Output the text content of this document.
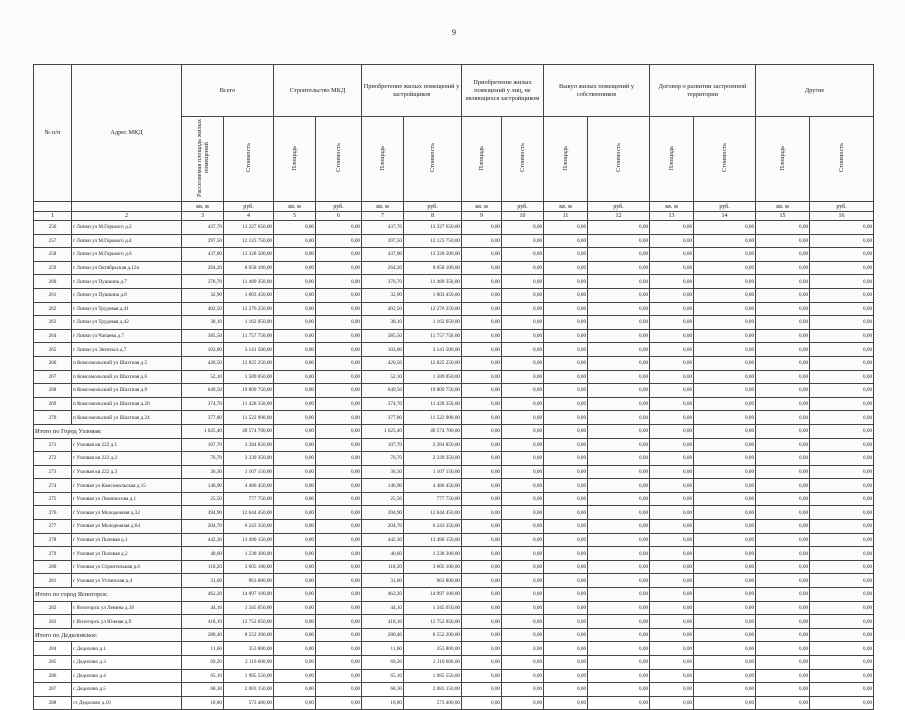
9
№ п/п	Адрес МКД	Всего		Строительство МКД		Приобретение жилых помещений у застройщиков		Приобретение жилых помещений у лиц, не являющихся застройщиком		Выкуп жилых помещений у собственников		Договор о развитии застроенной территории		Другие	
		Расселяемая площадь жилых помещений	Стоимость	Площадь	Стоимость	Площадь	Стоимость	Площадь	Стоимость	Площадь	Стоимость	Площадь	Стоимость	Площадь	Стоимость
		кв. м	руб.	кв. м	руб.	кв. м	руб.	кв. м	руб.	кв. м	руб.	кв. м	руб.	кв. м	руб.
1	2	3	4	5	6	7	8	9	10	11	12	13	14	15	16
256	г Липки ул М.Горького д.2	437,70	13 327 650,00	0,00	0,00	437,70	13 327 650,00	0,00	0,00	0,00	0,00	0,00	0,00	0,00	0,00
257	г Липки ул М.Горького д.4	397,50	12 123 750,00	0,00	0,00	397,50	12 123 750,00	0,00	0,00	0,00	0,00	0,00	0,00	0,00	0,00
258	г Липки ул М.Горького д.6	437,00	13 328 500,00	0,00	0,00	437,00	13 328 500,00	0,00	0,00	0,00	0,00	0,00	0,00	0,00	0,00
259	г Липки ул Октябрьская д.12а	264,20	8 058 100,00	0,00	0,00	264,20	8 058 100,00	0,00	0,00	0,00	0,00	0,00	0,00	0,00	0,00
260	г Липки ул Пушкина д.7	376,70	11 489 350,00	0,00	0,00	376,70	11 489 350,00	0,00	0,00	0,00	0,00	0,00	0,00	0,00	0,00
261	г Липки ул Пушкина д.8	32,90	1 003 450,00	0,00	0,00	32,90	1 003 450,00	0,00	0,00	0,00	0,00	0,00	0,00	0,00	0,00
262	г Липки ул Трудовая д.41	402,50	12 276 250,00	0,00	0,00	402,50	12 276 250,00	0,00	0,00	0,00	0,00	0,00	0,00	0,00	0,00
263	г Липки ул Трудовая д.42	38,10	1 162 050,00	0,00	0,00	38,10	1 162 050,00	0,00	0,00	0,00	0,00	0,00	0,00	0,00	0,00
264	г Липки ул Чапаева д.7	385,50	11 757 750,00	0,00	0,00	385,50	11 757 750,00	0,00	0,00	0,00	0,00	0,00	0,00	0,00	0,00
265	г Липки ул Энгельса д.7	103,00	3 141 500,00	0,00	0,00	103,00	3 141 500,00	0,00	0,00	0,00	0,00	0,00	0,00	0,00	0,00
266	п Комсомольский ул Шахтная д.5	420,50	12 825 250,00	0,00	0,00	420,50	12 825 250,00	0,00	0,00	0,00	0,00	0,00	0,00	0,00	0,00
267	п Комсомольский ул Шахтная д.6	52,10	1 589 050,00	0,00	0,00	52,10	1 589 050,00	0,00	0,00	0,00	0,00	0,00	0,00	0,00	0,00
268	п Комсомольский ул Шахтная д.9	649,50	19 809 750,00	0,00	0,00	649,50	19 809 750,00	0,00	0,00	0,00	0,00	0,00	0,00	0,00	0,00
269	п Комсомольский ул Шахтная д.20	374,70	11 428 350,00	0,00	0,00	374,70	11 428 350,00	0,00	0,00	0,00	0,00	0,00	0,00	0,00	0,00
270	п Комсомольский ул Шахтная д.24	377,80	11 522 900,00	0,00	0,00	377,80	11 522 900,00	0,00	0,00	0,00	0,00	0,00	0,00	0,00	0,00
Итого по Город Узловая:		1 625,40	49 574 700,00	0,00	0,00	1 625,40	49 574 700,00	0,00	0,00	0,00	0,00	0,00	0,00	0,00	0,00
271	г Узловая кв 222 д.1	107,70	3 284 850,00	0,00	0,00	107,70	3 284 850,00	0,00	0,00	0,00	0,00	0,00	0,00	0,00	0,00
272	г Узловая кв 222 д.2	76,70	2 339 350,00	0,00	0,00	76,70	2 339 350,00	0,00	0,00	0,00	0,00	0,00	0,00	0,00	0,00
273	г Узловая кв 222 д.3	36,30	1 107 150,00	0,00	0,00	36,30	1 107 150,00	0,00	0,00	0,00	0,00	0,00	0,00	0,00	0,00
274	г Узловая ул Комсомольская д.15	146,90	4 480 450,00	0,00	0,00	146,90	4 480 450,00	0,00	0,00	0,00	0,00	0,00	0,00	0,00	0,00
275	г Узловая ул Ломоносова д.1	25,50	777 750,00	0,00	0,00	25,50	777 750,00	0,00	0,00	0,00	0,00	0,00	0,00	0,00	0,00
276	г Узловая ул Молодежная д.32	394,90	12 044 450,00	0,00	0,00	394,90	12 044 450,00	0,00	0,00	0,00	0,00	0,00	0,00	0,00	0,00
277	г Узловая ул Молодежная д.64	204,70	6 243 350,00	0,00	0,00	204,70	6 243 350,00	0,00	0,00	0,00	0,00	0,00	0,00	0,00	0,00
278	г Узловая ул Полевая д.1	442,30	13 490 150,00	0,00	0,00	442,30	13 490 150,00	0,00	0,00	0,00	0,00	0,00	0,00	0,00	0,00
279	г Узловая ул Полевая д.2	40,60	1 238 300,00	0,00	0,00	40,60	1 238 300,00	0,00	0,00	0,00	0,00	0,00	0,00	0,00	0,00
280	г Узловая ул Строительная д.6	118,20	3 605 100,00	0,00	0,00	118,20	3 605 100,00	0,00	0,00	0,00	0,00	0,00	0,00	0,00	0,00
281	г Узловая ул Ухтинская д.4	31,60	963 800,00	0,00	0,00	31,60	963 800,00	0,00	0,00	0,00	0,00	0,00	0,00	0,00	0,00
Итого по город Ясногорск:		462,20	14 097 100,00	0,00	0,00	462,20	14 097 100,00	0,00	0,00	0,00	0,00	0,00	0,00	0,00	0,00
282	г Ясногорск ул Ленина д.18	44,10	1 345 050,00	0,00	0,00	44,10	1 345 050,00	0,00	0,00	0,00	0,00	0,00	0,00	0,00	0,00
283	г Ясногорск ул Южная д.9	418,10	12 752 050,00	0,00	0,00	418,10	12 752 050,00	0,00	0,00	0,00	0,00	0,00	0,00	0,00	0,00
Итого по Дедиловское:		280,40	8 552 200,00	0,00	0,00	280,40	8 552 200,00	0,00	0,00	0,00	0,00	0,00	0,00	0,00	0,00
284	с Дедилово д.1	11,60	353 800,00	0,00	0,00	11,60	353 800,00	0,00	0,00	0,00	0,00	0,00	0,00	0,00	0,00
285	с Дедилово д.3	69,20	2 110 600,00	0,00	0,00	69,20	2 110 600,00	0,00	0,00	0,00	0,00	0,00	0,00	0,00	0,00
286	с Дедилово д.4	65,10	1 985 550,00	0,00	0,00	65,10	1 985 550,00	0,00	0,00	0,00	0,00	0,00	0,00	0,00	0,00
287	с Дедилово д.5	68,30	2 083 150,00	0,00	0,00	68,30	2 083 150,00	0,00	0,00	0,00	0,00	0,00	0,00	0,00	0,00
288	ст Дедилово д.10	18,80	573 400,00	0,00	0,00	18,80	573 400,00	0,00	0,00	0,00	0,00	0,00	0,00	0,00	0,00
